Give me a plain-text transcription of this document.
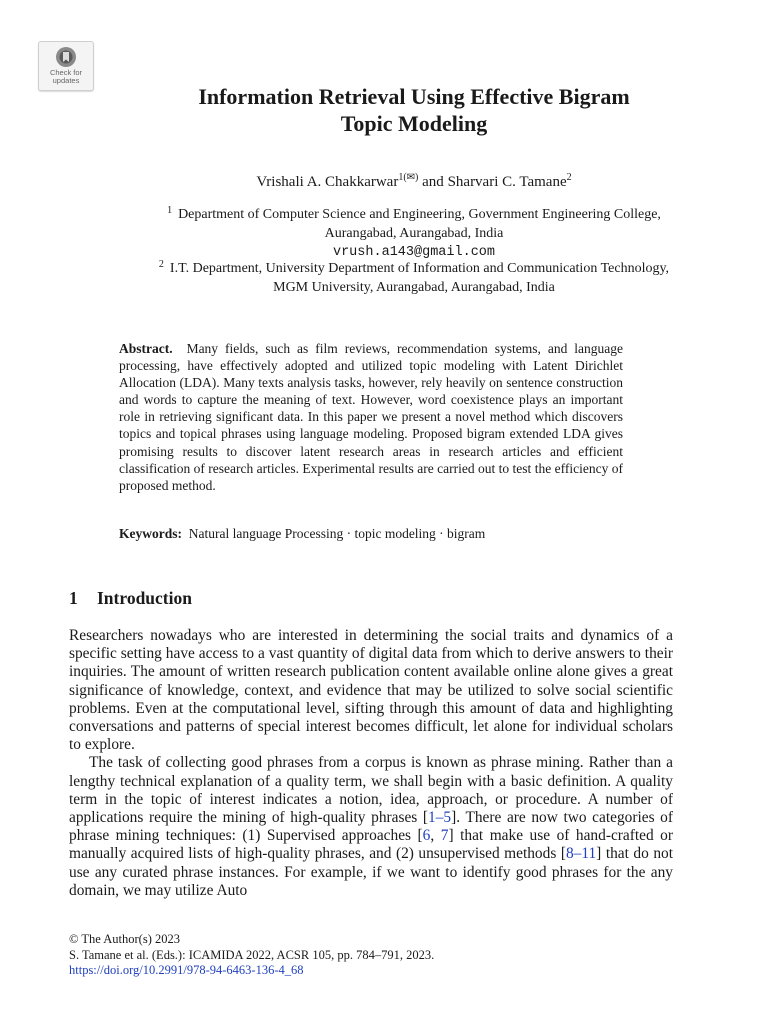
Check for
updates
Information Retrieval Using Effective Bigram
Topic Modeling
Vrishali A. Chakkarwar$^{1(✉)}$ and Sharvari C. Tamane$^2$
$^1$ Department of Computer Science and Engineering, Government Engineering College,
Aurangabad, Aurangabad, India
vrush.a143@gmail.com
$^2$ I.T. Department, University Department of Information and Communication Technology,
MGM University, Aurangabad, Aurangabad, India
Abstract. Many fields, such as film reviews, recommendation systems, and language processing, have effectively adopted and utilized topic modeling with Latent Dirichlet Allocation (LDA). Many texts analysis tasks, however, rely heavily on sentence construction and words to capture the meaning of text. However, word coexistence plays an important role in retrieving significant data. In this paper we present a novel method which discovers topics and topical phrases using language modeling. Proposed bigram extended LDA gives promising results to discover latent research areas in research articles and efficient classification of research articles. Experimental results are carried out to test the efficiency of proposed method.
Keywords: Natural language Processing · topic modeling · bigram
1 Introduction

Researchers nowadays who are interested in determining the social traits and dynamics of a specific setting have access to a vast quantity of digital data from which to derive answers to their inquiries. The amount of written research publication content available online alone gives a great significance of knowledge, context, and evidence that may be utilized to solve social scientific problems. Even at the computational level, sifting through this amount of data and highlighting conversations and patterns of special interest becomes difficult, let alone for individual scholars to explore.

The task of collecting good phrases from a corpus is known as phrase mining. Rather than a lengthy technical explanation of a quality term, we shall begin with a basic definition. A quality term in the topic of interest indicates a notion, idea, approach, or procedure. A number of applications require the mining of high-quality phrases [1–5]. There are now two categories of phrase mining techniques: (1) Supervised approaches [6, 7] that make use of hand-crafted or manually acquired lists of high-quality phrases, and (2) unsupervised methods [8–11] that do not use any curated phrase instances. For example, if we want to identify good phrases for the any domain, we may utilize Auto

© The Author(s) 2023
S. Tamane et al. (Eds.): ICAMIDA 2022, ACSR 105, pp. 784–791, 2023.
https://doi.org/10.2991/978-94-6463-136-4_68
